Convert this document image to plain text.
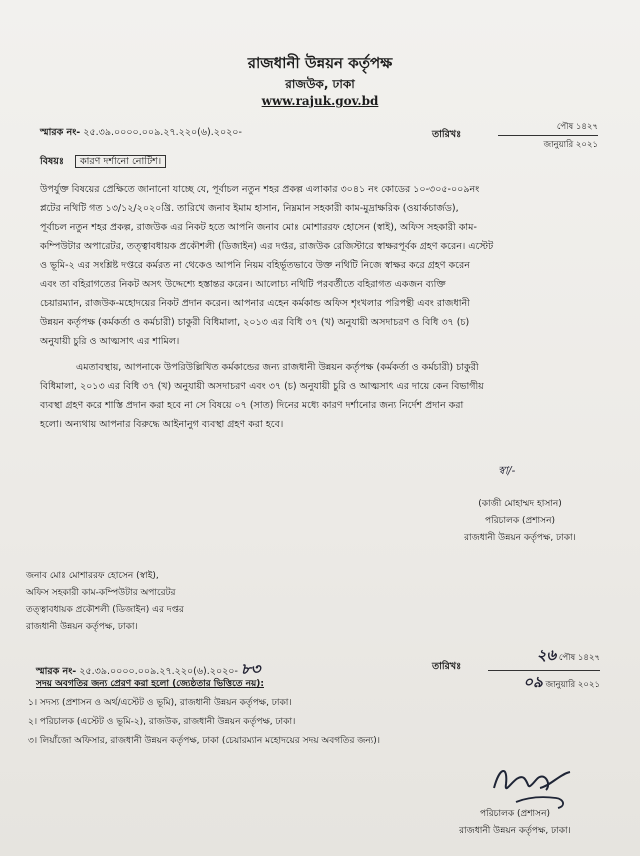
রাজধানী উন্নয়ন কর্তৃপক্ষ
রাজউক, ঢাকা
www.rajuk.gov.bd
স্মারক নং- ২৫.৩৯.০০০০.০০৯.২৭.২২০(৬).২০২০-	তারিখঃ
পৌষ ১৪২৭
জানুয়ারি ২০২১
বিষয়ঃ কারণ দর্শানো নোটিশ।
উপর্যুক্ত বিষয়ের প্রেক্ষিতে জানানো যাচ্ছে যে, পূর্বাচল নতুন শহর প্রকল্প এলাকার ৩০৪১ নং কোডের ১০-৩০৫-০০৯নং
প্লটের নথিটি গত ১৩/১২/২০২০খ্রি. তারিখে জনাব ইমাম হাসান, নিম্নমান সহকারী কাম-মুদ্রাক্ষরিক (ওয়ার্কচার্জড),
পূর্বাচল নতুন শহর প্রকল্প, রাজউক এর নিকট হতে আপনি জনাব মোঃ মোশাররফ হোসেন (স্বাই), অফিস সহকারী কাম-
কম্পিউটার অপারেটর, তত্ত্বাবধায়ক প্রকৌশলী (ডিজাইন) এর দপ্তর, রাজউক রেজিস্টারে স্বাক্ষরপূর্বক গ্রহণ করেন। এস্টেট
ও ভূমি-২ এর সংশ্লিষ্ট দপ্তরে কর্মরত না থেকেও আপনি নিয়ম বহির্ভূতভাবে উক্ত নথিটি নিজে স্বাক্ষর করে গ্রহণ করেন
এবং তা বহিরাগতের নিকট অসৎ উদ্দেশ্যে হস্তান্তর করেন। আলোচ্য নথিটি পরবর্তীতে বহিরাগত একজন ব্যক্তি
চেয়ারম্যান, রাজউক-মহোদয়ের নিকট প্রদান করেন। আপনার এহেন কর্মকান্ড অফিস শৃংখলার পরিপন্থী এবং রাজধানী
উন্নয়ন কর্তৃপক্ষ (কর্মকর্তা ও কর্মচারী) চাকুরী বিধিমালা, ২০১৩ এর বিধি ৩৭ (খ) অনুযায়ী অসদাচরণ ও বিধি ৩৭ (চ)
অনুযায়ী চুরি ও আত্মসাৎ এর শামিল।
এমতাবস্থায়, আপনাকে উপরিউল্লিখিত কর্মকান্ডের জন্য রাজধানী উন্নয়ন কর্তৃপক্ষ (কর্মকর্তা ও কর্মচারী) চাকুরী
বিধিমালা, ২০১৩ এর বিধি ৩৭ (খ) অনুযায়ী অসদাচরণ এবং ৩৭ (চ) অনুযায়ী চুরি ও আত্মসাৎ এর দায়ে কেন বিভাগীয়
ব্যবস্থা গ্রহণ করে শাস্তি প্রদান করা হবে না সে বিষয়ে ০৭ (সাত) দিনের মধ্যে কারণ দর্শানোর জন্য নির্দেশ প্রদান করা
হলো। অন্যথায় আপনার বিরুদ্ধে আইনানুগ ব্যবস্থা গ্রহণ করা হবে।
স্বা/-
(কাজী মোহাম্মদ হাসান)
পরিচালক (প্রশাসন)
রাজধানী উন্নয়ন কর্তৃপক্ষ, ঢাকা।
জনাব মোঃ মোশাররফ হোসেন (স্বাই),
অফিস সহকারী কাম-কম্পিউটার অপারেটর
তত্ত্বাবধায়ক প্রকৌশলী (ডিজাইন) এর দপ্তর
রাজধানী উন্নয়ন কর্তৃপক্ষ, ঢাকা।
স্মারক নং- ২৫.৩৯.০০০০.০০৯.২৭.২২০(৬).২০২০- ৮৩	তারিখঃ
২৬ পৌষ ১৪২৭
০৯ জানুয়ারি ২০২১
সদয় অবগতির জন্য প্রেরণ করা হলো (জ্যেষ্ঠতার ভিত্তিতে নয়):
১। সদস্য (প্রশাসন ও অর্থ/এস্টেট ও ভূমি), রাজধানী উন্নয়ন কর্তৃপক্ষ, ঢাকা।
২। পরিচালক (এস্টেট ও ভূমি-২), রাজউক, রাজধানী উন্নয়ন কর্তৃপক্ষ, ঢাকা।
৩। লিয়াঁজো অফিসার, রাজধানী উন্নয়ন কর্তৃপক্ষ, ঢাকা (চেয়ারম্যান মহোদয়ের সদয় অবগতির জন্য)।
পরিচালক (প্রশাসন)
রাজধানী উন্নয়ন কর্তৃপক্ষ, ঢাকা।
